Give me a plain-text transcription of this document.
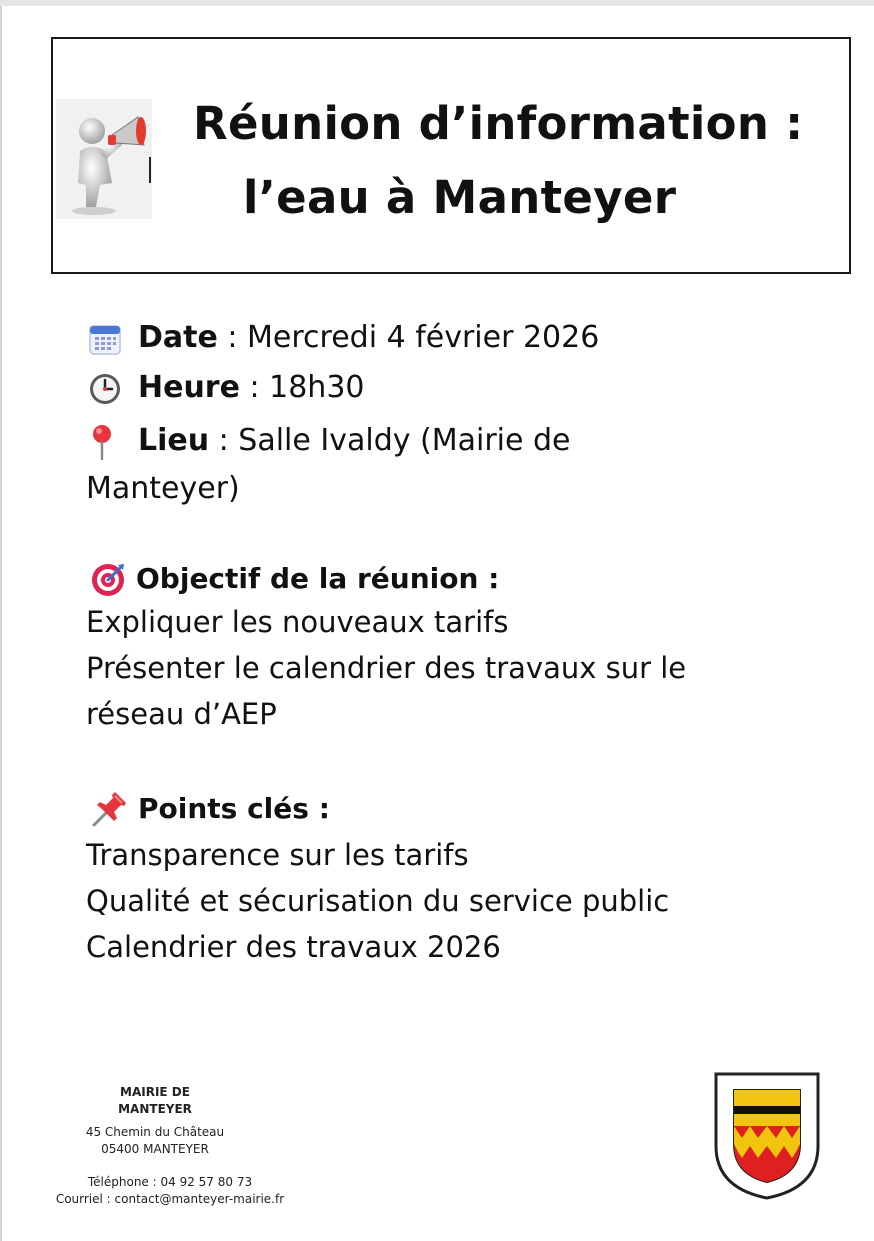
Réunion d’information :
l’eau à Manteyer
Date : Mercredi 4 février 2026
Heure : 18h30
Lieu : Salle Ivaldy (Mairie de
Manteyer)
Objectif de la réunion :
Expliquer les nouveaux tarifs
Présenter le calendrier des travaux sur le
réseau d’AEP
Points clés :
Transparence sur les tarifs
Qualité et sécurisation du service public
Calendrier des travaux 2026
MAIRIE DE
MANTEYER
45 Chemin du Château
05400 MANTEYER
Téléphone : 04 92 57 80 73
Courriel : contact@manteyer-mairie.fr
